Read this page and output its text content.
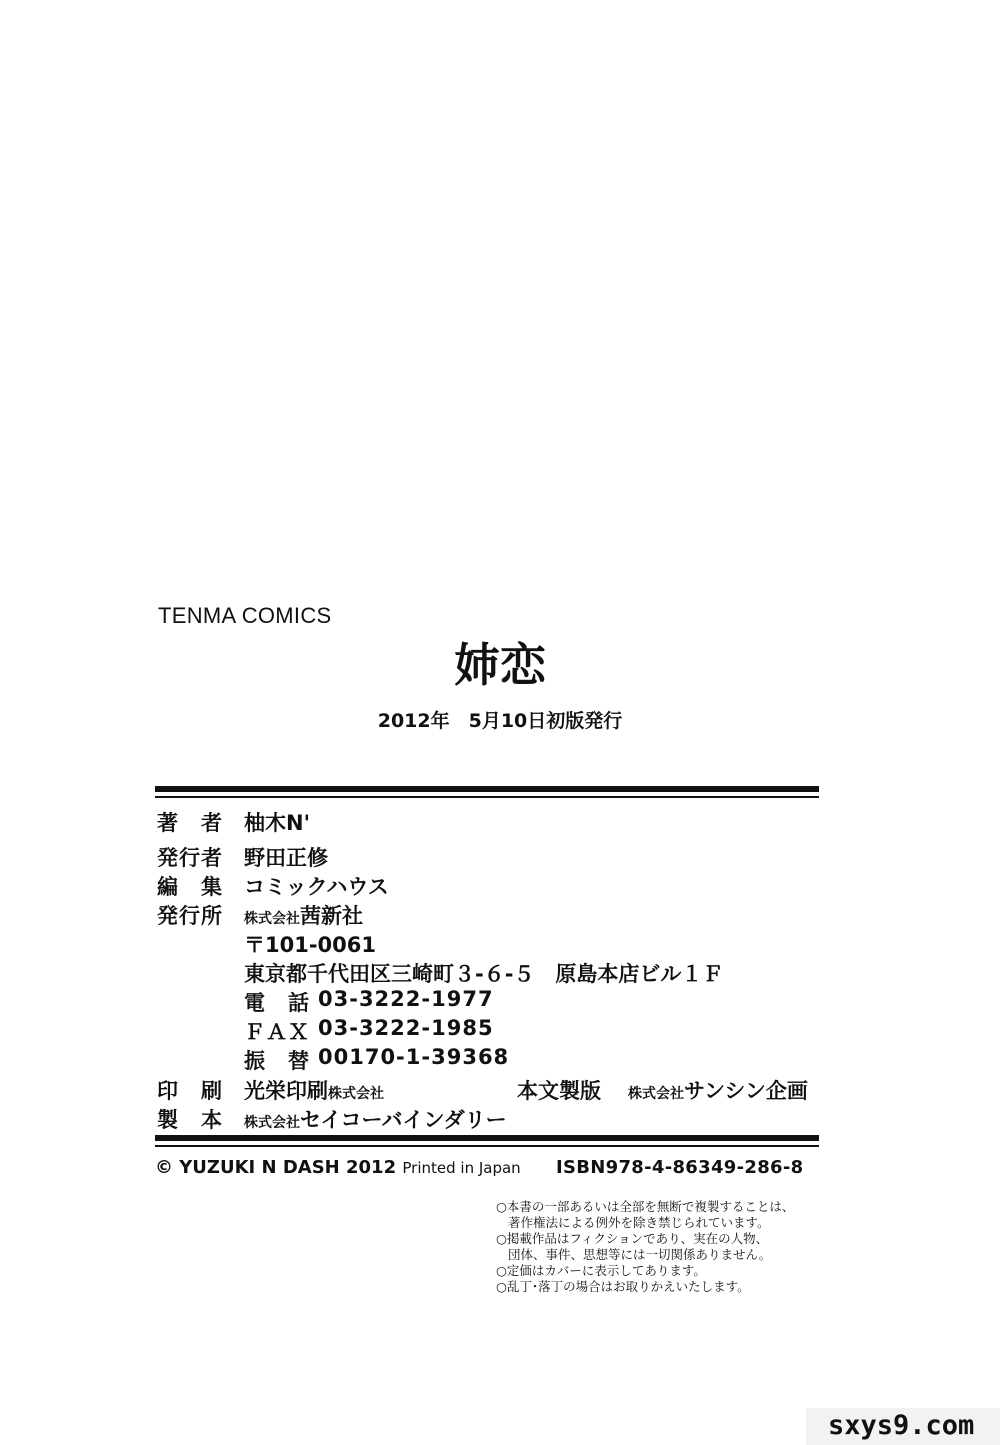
TENMA COMICS
姉恋
2012年　5月10日初版発行
著　者 柚木N'
発行者 野田正修
編　集 コミックハウス
発行所 株式会社茜新社
〒101-0061
東京都千代田区三崎町３-６-５　原島本店ビル１Ｆ
電　話 03-3222-1977
ＦＡＸ 03-3222-1985
振　替 00170-1-39368
印　刷 光栄印刷株式会社	本文製版 株式会社サンシン企画
製　本 株式会社セイコーバインダリー
© YUZUKI N DASH 2012 Printed in Japan ISBN978-4-86349-286-8
○本書の一部あるいは全部を無断で複製することは、
著作権法による例外を除き禁じられています。
○掲載作品はフィクションであり、実在の人物、
団体、事件、思想等には一切関係ありません。
○定価はカバーに表示してあります。
○乱丁･落丁の場合はお取りかえいたします。
sxys9.com
